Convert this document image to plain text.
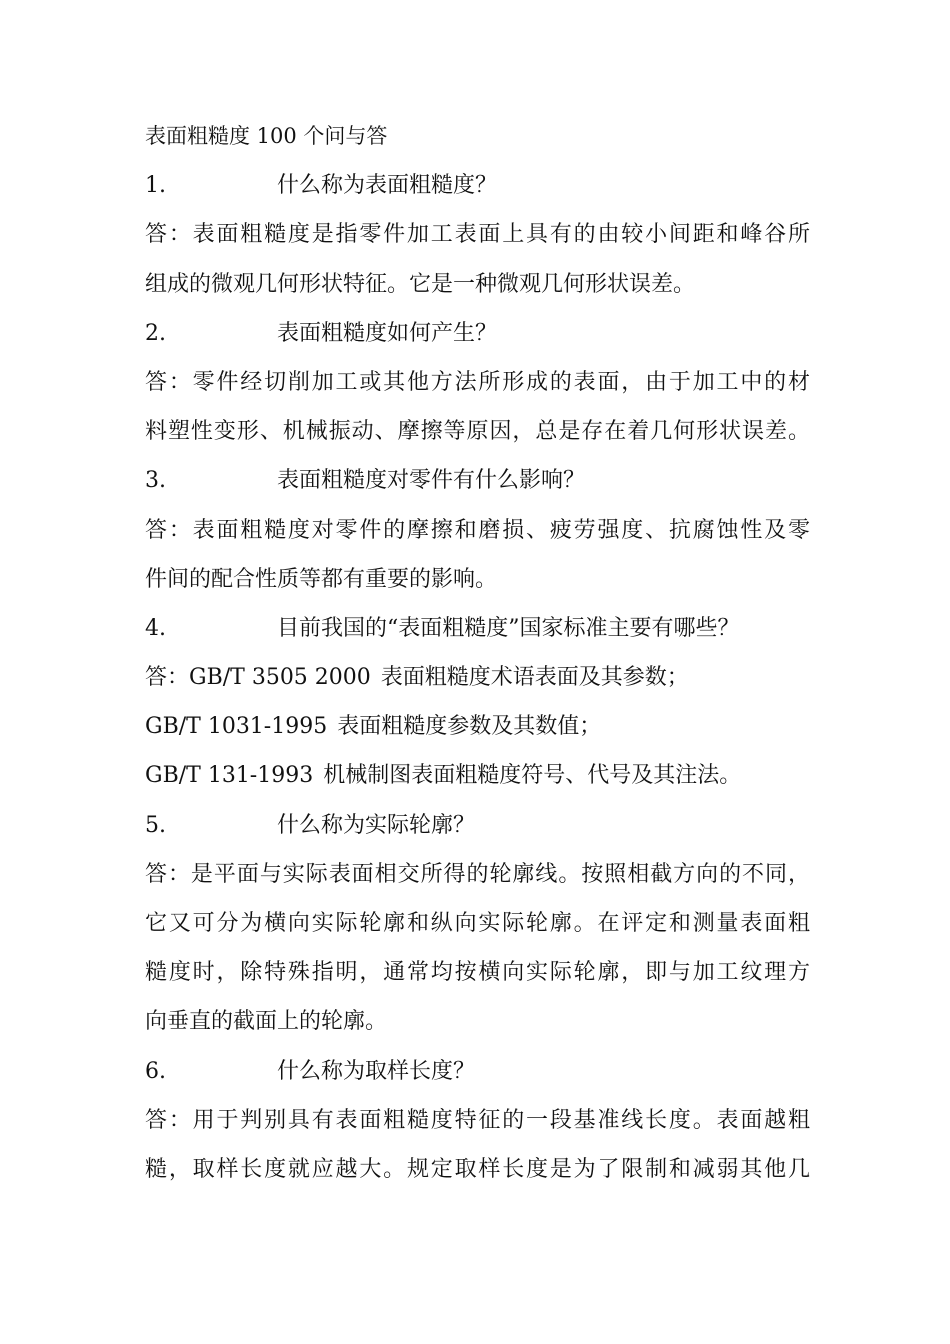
表面粗糙度 100 个问与答
1.	什么称为表面粗糙度？
答：表面粗糙度是指零件加工表面上具有的由较小间距和峰谷所
组成的微观几何形状特征。它是一种微观几何形状误差。
2.	表面粗糙度如何产生？
答：零件经切削加工或其他方法所形成的表面，由于加工中的材
料塑性变形、机械振动、摩擦等原因，总是存在着几何形状误差。
3.	表面粗糙度对零件有什么影响？
答：表面粗糙度对零件的摩擦和磨损、疲劳强度、抗腐蚀性及零
件间的配合性质等都有重要的影响。
4.	目前我国的“表面粗糙度”国家标准主要有哪些？
答：GB/T 3505 2000 表面粗糙度术语表面及其参数；
GB/T 1031-1995 表面粗糙度参数及其数值；
GB/T 131-1993 机械制图表面粗糙度符号、代号及其注法。
5.	什么称为实际轮廓？
答：是平面与实际表面相交所得的轮廓线。按照相截方向的不同，
它又可分为横向实际轮廓和纵向实际轮廓。在评定和测量表面粗
糙度时，除特殊指明，通常均按横向实际轮廓，即与加工纹理方
向垂直的截面上的轮廓。
6.	什么称为取样长度？
答：用于判别具有表面粗糙度特征的一段基准线长度。表面越粗
糙，取样长度就应越大。规定取样长度是为了限制和减弱其他几
